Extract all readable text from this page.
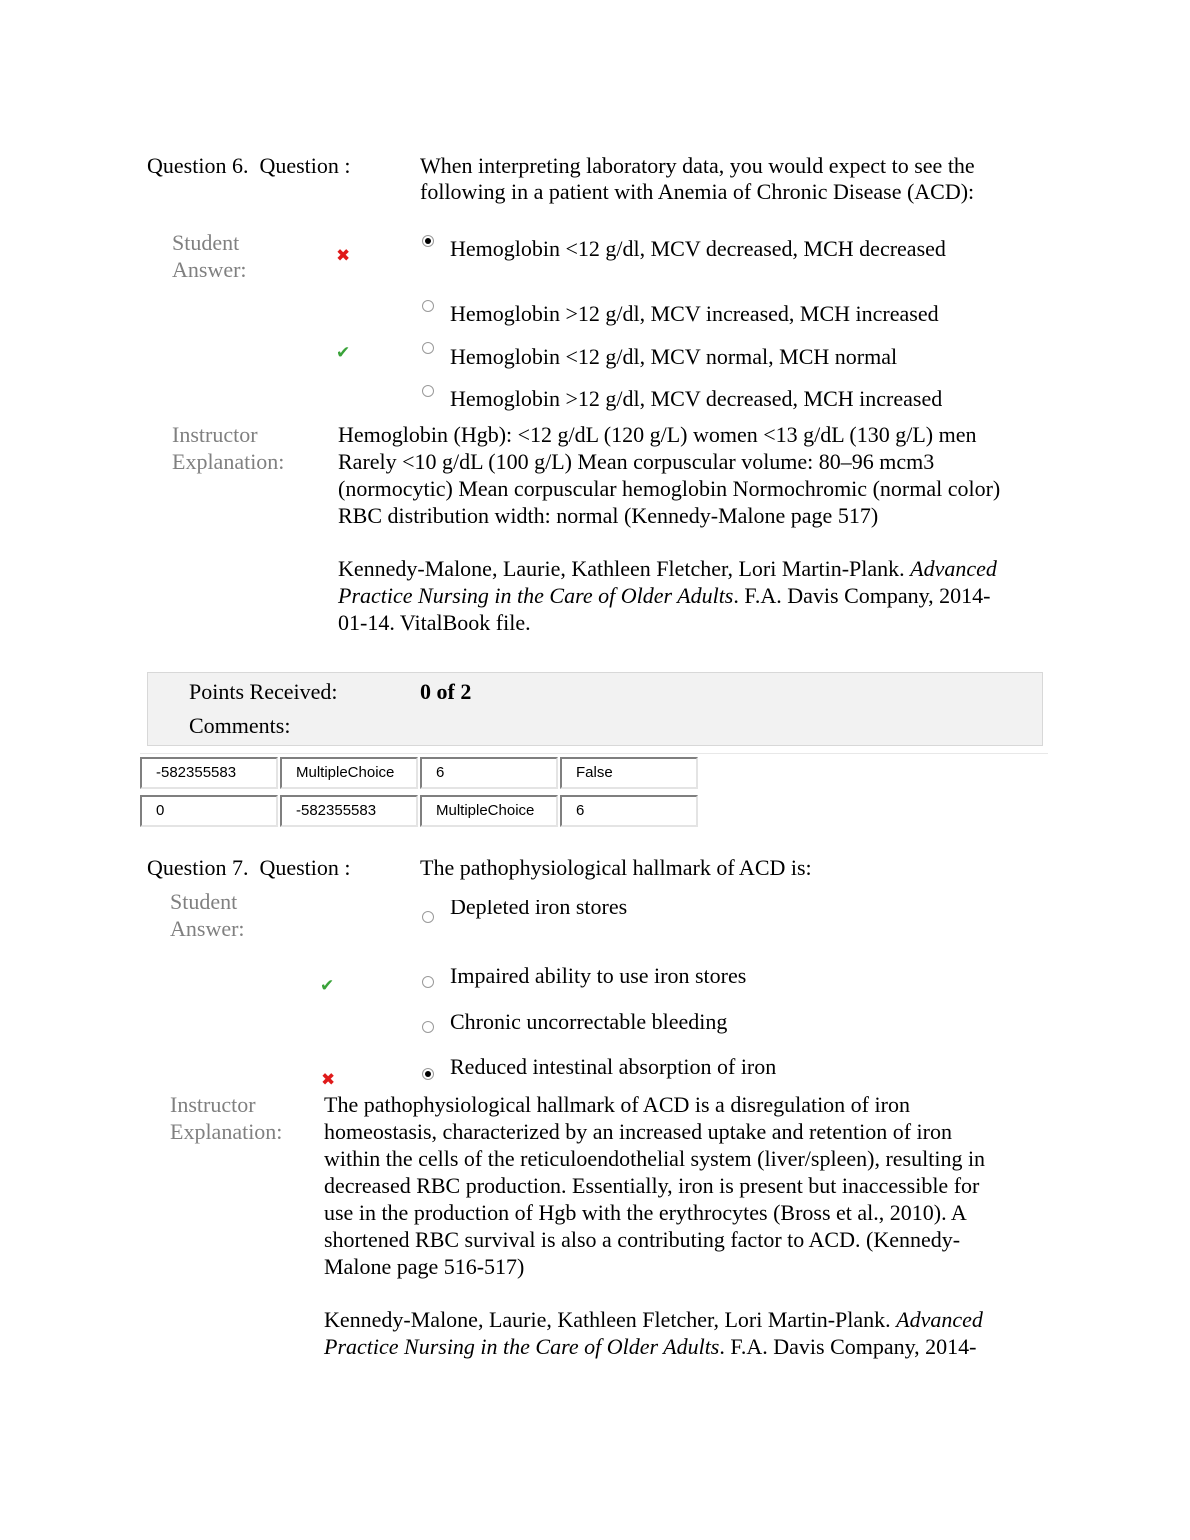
Question 6.  Question :	When interpreting laboratory data, you would expect to see the
following in a patient with Anemia of Chronic Disease (ACD):
Student
Answer:
✖	Hemoglobin <12 g/dl, MCV decreased, MCH decreased
Hemoglobin >12 g/dl, MCV increased, MCH increased
✔	Hemoglobin <12 g/dl, MCV normal, MCH normal
Hemoglobin >12 g/dl, MCV decreased, MCH increased
Instructor
Explanation:
Hemoglobin (Hgb): <12 g/dL (120 g/L) women <13 g/dL (130 g/L) men
Rarely <10 g/dL (100 g/L) Mean corpuscular volume: 80–96 mcm3
(normocytic) Mean corpuscular hemoglobin Normochromic (normal color)
RBC distribution width: normal (Kennedy-Malone page 517)
Kennedy-Malone, Laurie, Kathleen Fletcher, Lori Martin-Plank. Advanced
Practice Nursing in the Care of Older Adults. F.A. Davis Company, 2014-
01-14. VitalBook file.
Points Received:	0 of 2
Comments:
-582355583	MultipleChoice	6	False
0	-582355583	MultipleChoice	6
Question 7.  Question :	The pathophysiological hallmark of ACD is:
Student
Answer:
Depleted iron stores
✔	Impaired ability to use iron stores
Chronic uncorrectable bleeding
✖
Reduced intestinal absorption of iron
Instructor
Explanation:
The pathophysiological hallmark of ACD is a disregulation of iron
homeostasis, characterized by an increased uptake and retention of iron
within the cells of the reticuloendothelial system (liver/spleen), resulting in
decreased RBC production. Essentially, iron is present but inaccessible for
use in the production of Hgb with the erythrocytes (Bross et al., 2010). A
shortened RBC survival is also a contributing factor to ACD. (Kennedy-
Malone page 516-517)
Kennedy-Malone, Laurie, Kathleen Fletcher, Lori Martin-Plank. Advanced
Practice Nursing in the Care of Older Adults. F.A. Davis Company, 2014-
